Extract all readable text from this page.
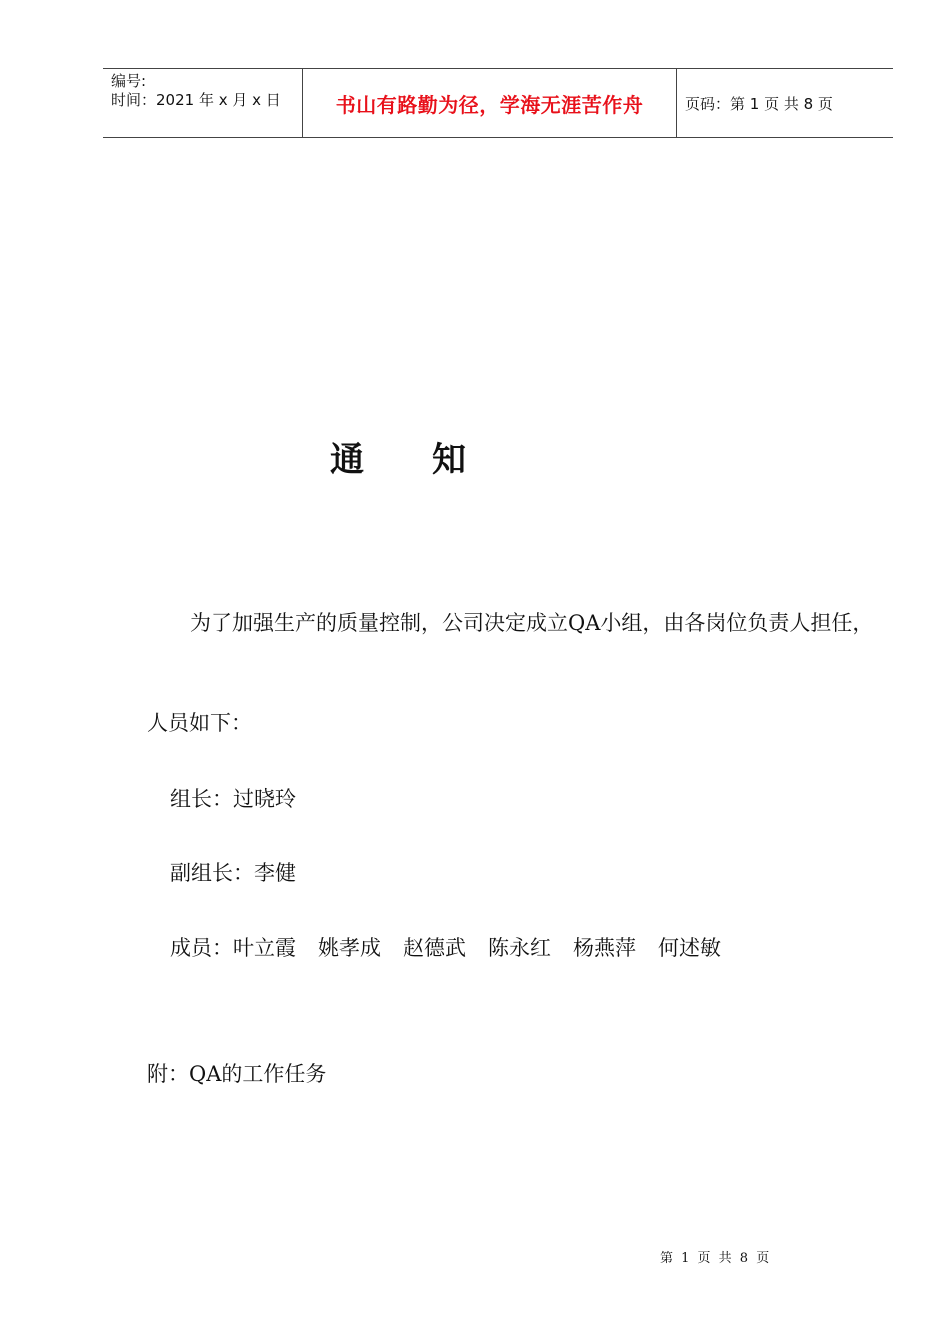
编号:
时间：2021 年 x 月 x 日	书山有路勤为径，学海无涯苦作舟	页码：第 1 页 共 8 页
通 知
为了加强生产的质量控制，公司决定成立QA小组，由各岗位负责人担任，
人员如下：
组长：过晓玲
副组长：李健
成员： 叶立霞 姚孝成 赵德武 陈永红 杨燕萍 何述敏
附：QA的工作任务
第 1 页 共 8 页
